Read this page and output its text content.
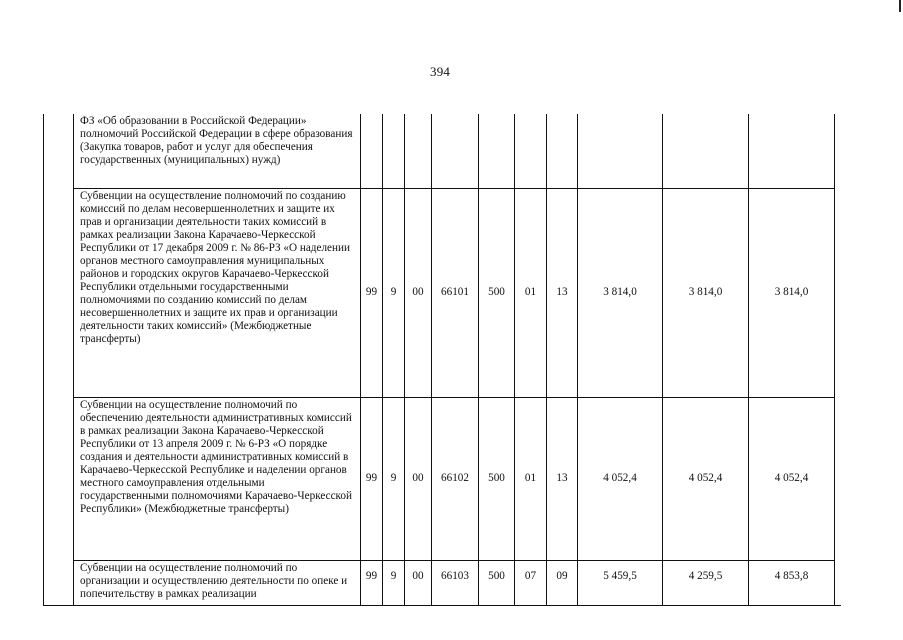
394
ФЗ «Об образовании в Российской Федерации» полномочий Российской Федерации в сфере образования (Закупка товаров, работ и услуг для обеспечения государственных (муниципальных) нужд)										
Субвенции на осуществление полномочий по созданию комиссий по делам несовершеннолетних и защите их прав и организации деятельности таких комиссий в рамках реализации Закона Карачаево-Черкесской Республики от 17 декабря 2009 г. № 86-РЗ «О наделении органов местного самоуправления муниципальных районов и городских округов Карачаево-Черкесской Республики отдельными государственными полномочиями по созданию комиссий по делам несовершеннолетних и защите их прав и организации деятельности таких комиссий» (Межбюджетные трансферты)	99	9	00	66101	500	01	13	3 814,0	3 814,0	3 814,0
Субвенции на осуществление полномочий по обеспечению деятельности административных комиссий в рамках реализации Закона Карачаево-Черкесской Республики от 13 апреля 2009 г. № 6-РЗ «О порядке создания и деятельности административных комиссий в Карачаево-Черкесской Республике и наделении органов местного самоуправления отдельными государственными полномочиями Карачаево-Черкесской Республики» (Межбюджетные трансферты)	99	9	00	66102	500	01	13	4 052,4	4 052,4	4 052,4
Субвенции на осуществление полномочий по организации и осуществлению деятельности по опеке и попечительству в рамках реализации	99	9	00	66103	500	07	09	5 459,5	4 259,5	4 853,8
